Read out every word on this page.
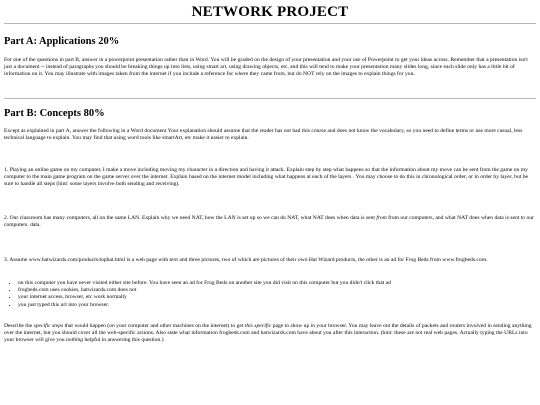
NETWORK PROJECT
Part A: Applications 20%
For one of the questions in part B, answer in a powerpoint presentation rather than in Word. You will be graded on the design of your presentation and your use of Powerpoint to get your ideas across. Remember that a presentation isn't just a document -- instead of paragraphs you should be breaking things up into lists, using smart art, using drawing objects, etc, and this will tend to make your presentation many slides long, since each slide only has a little bit of information on it. You may illustrate with images taken from the internet if you include a reference for where they came from, but do NOT rely on the images to explain things for you.
Part B: Concepts 80%
Except as explained in part A, answer the following in a Word document Your explanation should assume that the reader has not had this course and does not know the vocabulary, so you need to define terms or use more casual, less technical language to explain. You may find that using word tools like smartArt, etc make it easier to explain.
1. Playing an online game on my computer, I make a move including moving my character in a direction and having it attack. Explain step by step what happens so that the information about my move can be sent from the game on my computer to the main game program on the game server over the internet. Explain based on the internet model including what happens at each of the layers . You may choose to do this in chronological order, or in order by layer, but be sure to handle all steps (hint: some layers involve both sending and receiving).
2. Our classroom has many computers, all on the same LAN. Explain why we need NAT, how the LAN is set up so we can do NAT, what NAT does when data is sent from from our computers, and what NAT does when data is sent to our computers. data.
3. Assume www.hatwizards.com/products/tophat.html is a web page with text and three pictures, two of which are pictures of their own Hat Wizard products, the other is an ad for Frog Beds from www.frogbeds.com.
• on this computer you have never visited either site before. You have seen an ad for Frog Beds on another site you did visit on this computer but you didn't click that ad
• frogbeds.com uses cookies, hatwizards.com does not
• your internet access, browser, etc work normally
• you just typed this url into your browser.
Describe the specific steps that would happen (on your computer and other machines on the internet) to get this specific page to show up in your browser. You may leave out the details of packets and routers involved in sending anything over the internet, but you should cover all the web-specific actions. Also state what information frogbeds.com and hatwizards.com have about you after this interaction. (hint: these are not real web pages. Actually typing the URLs into your browser will give you nothing helpful in answering this question.)
